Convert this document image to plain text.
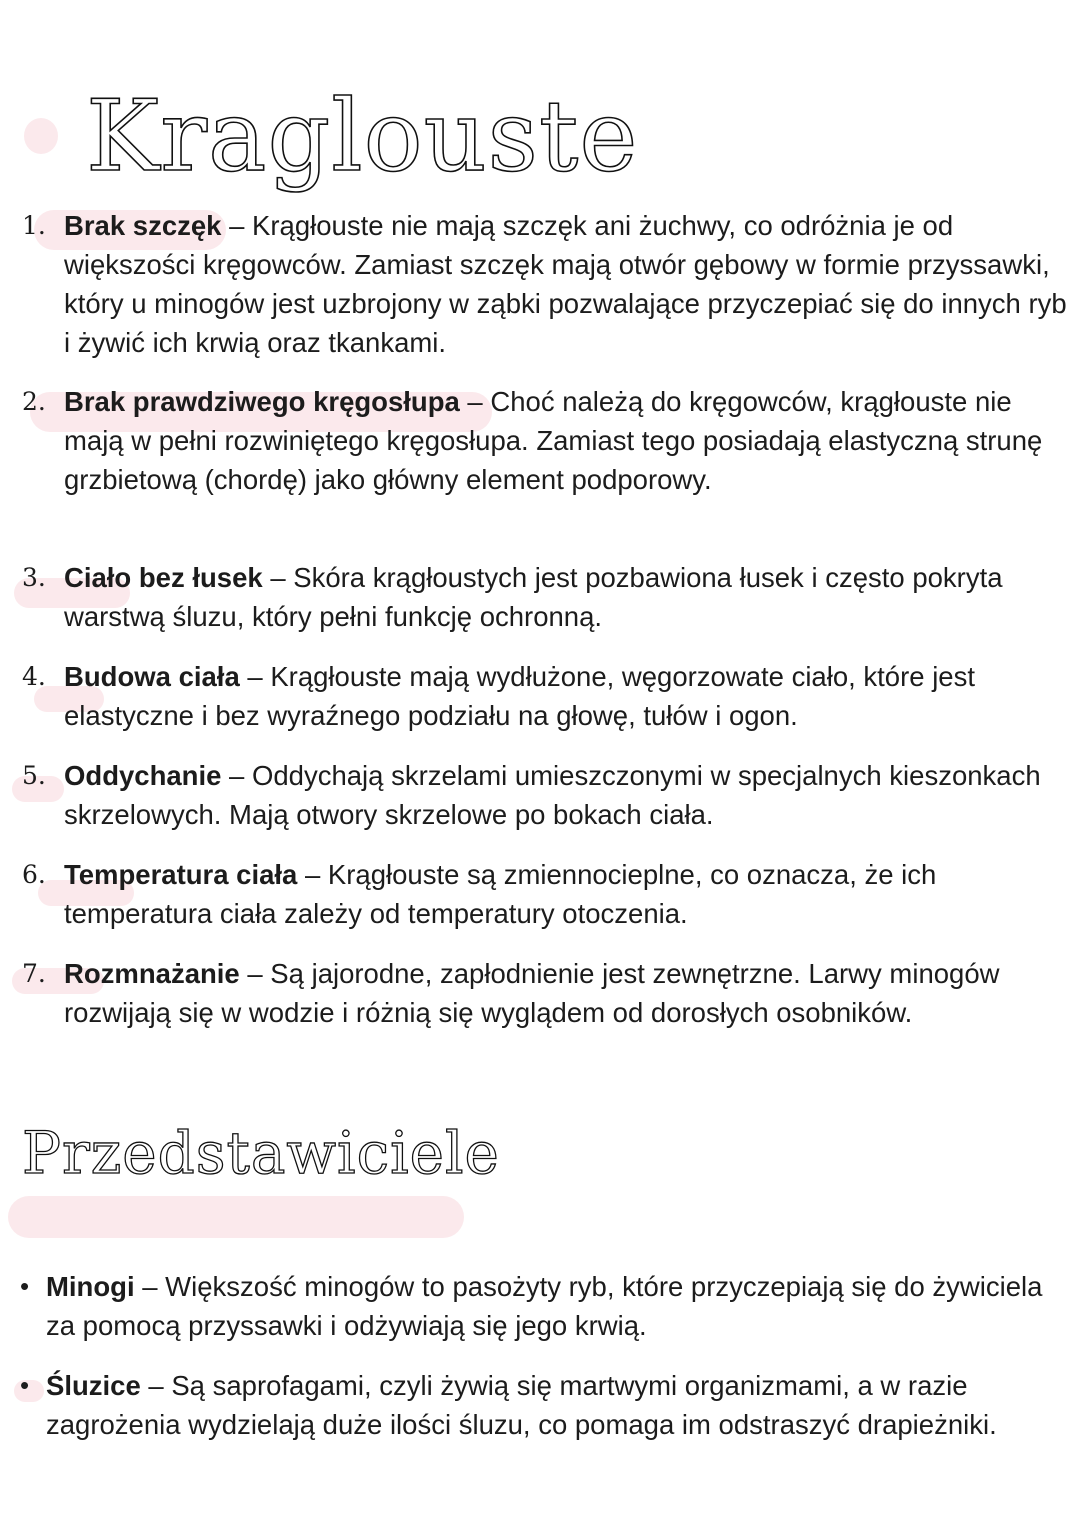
Kraglouste
1. Brak szczęk – Krągłouste nie mają szczęk ani żuchwy, co odróżnia je od większości kręgowców. Zamiast szczęk mają otwór gębowy w formie przyssawki, który u minogów jest uzbrojony w ząbki pozwalające przyczepiać się do innych ryb i żywić ich krwią oraz tkankami.
2. Brak prawdziwego kręgosłupa – Choć należą do kręgowców, krągłouste nie mają w pełni rozwiniętego kręgosłupa. Zamiast tego posiadają elastyczną strunę grzbietową (chordę) jako główny element podporowy.
3. Ciało bez łusek – Skóra krągłoustych jest pozbawiona łusek i często pokryta warstwą śluzu, który pełni funkcję ochronną.
4. Budowa ciała – Krągłouste mają wydłużone, węgorzowate ciało, które jest elastyczne i bez wyraźnego podziału na głowę, tułów i ogon.
5. Oddychanie – Oddychają skrzelami umieszczonymi w specjalnych kieszonkach skrzelowych. Mają otwory skrzelowe po bokach ciała.
6. Temperatura ciała – Krągłouste są zmiennocieplne, co oznacza, że ich temperatura ciała zależy od temperatury otoczenia.
7. Rozmnażanie – Są jajorodne, zapłodnienie jest zewnętrzne. Larwy minogów rozwijają się w wodzie i różnią się wyglądem od dorosłych osobników.
Przedstawiciele
• Minogi – Większość minogów to pasożyty ryb, które przyczepiają się do żywiciela za pomocą przyssawki i odżywiają się jego krwią.
• Śluzice – Są saprofagami, czyli żywią się martwymi organizmami, a w razie zagrożenia wydzielają duże ilości śluzu, co pomaga im odstraszyć drapieżniki.
